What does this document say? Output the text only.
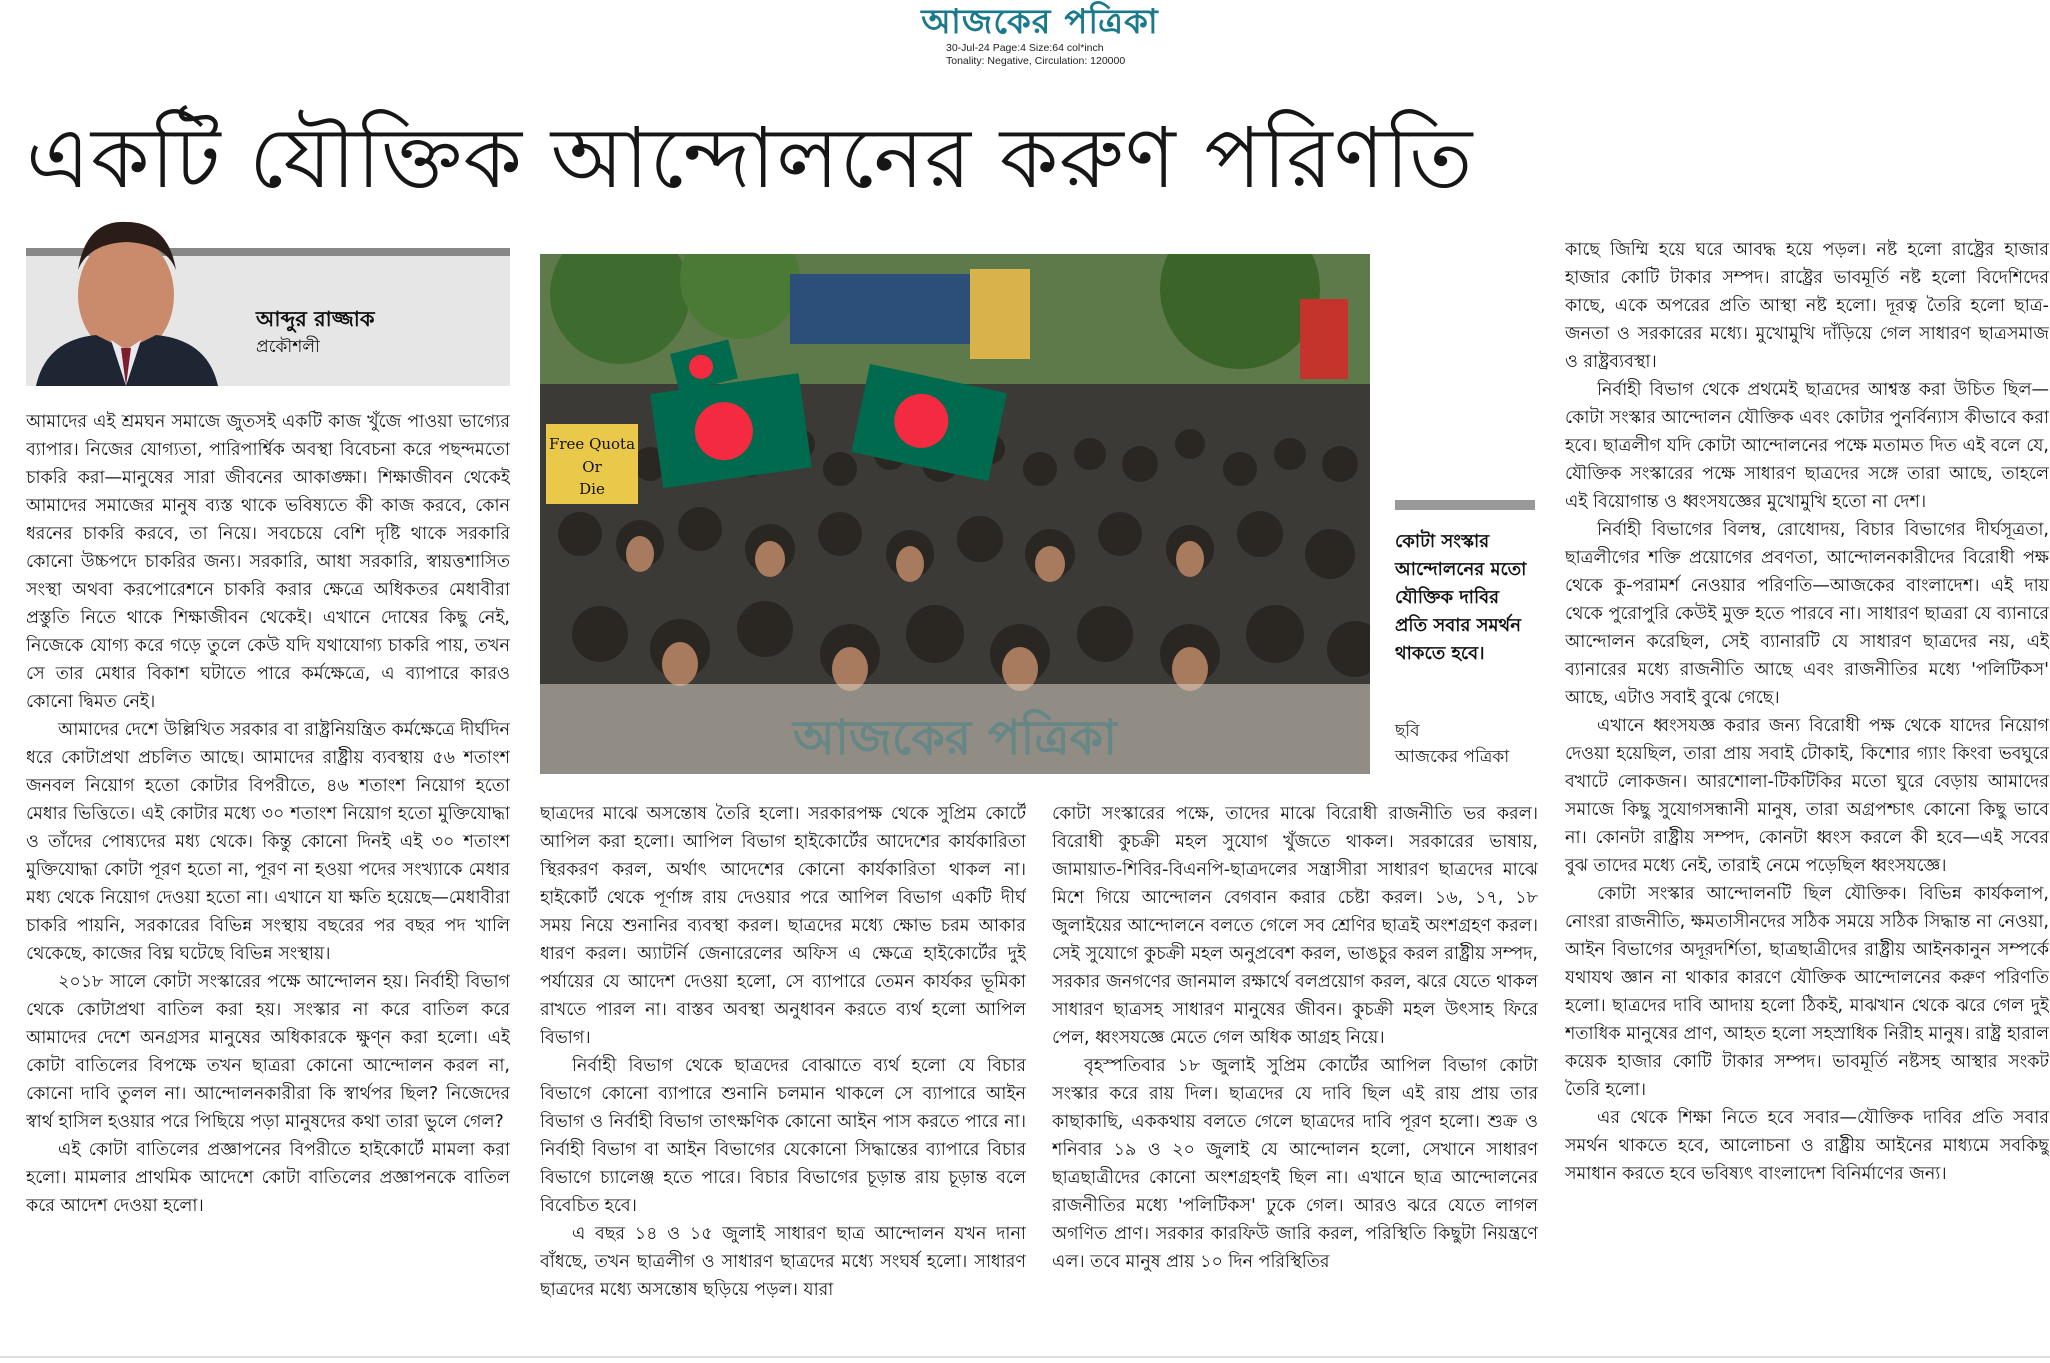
আজকের পত্রিকা
30-Jul-24 Page:4 Size:64 col*inch
Tonality: Negative, Circulation: 120000
একটি যৌক্তিক আন্দোলনের করুণ পরিণতি
আব্দুর রাজ্জাক
প্রকৌশলী
Free Quota
Or
Die
আজকের পত্রিকা
কোটা সংস্কার আন্দোলনের মতো যৌক্তিক দাবির প্রতি সবার সমর্থন থাকতে হবে।
ছবি
আজকের পত্রিকা

আমাদের এই শ্রমঘন সমাজে জুতসই একটি কাজ খুঁজে পাওয়া ভাগ্যের ব্যাপার। নিজের যোগ্যতা, পারিপার্শ্বিক অবস্থা বিবেচনা করে পছন্দমতো চাকরি করা—মানুষের সারা জীবনের আকাঙ্ক্ষা। শিক্ষাজীবন থেকেই আমাদের সমাজের মানুষ ব্যস্ত থাকে ভবিষ্যতে কী কাজ করবে, কোন ধরনের চাকরি করবে, তা নিয়ে। সবচেয়ে বেশি দৃষ্টি থাকে সরকারি কোনো উচ্চপদে চাকরির জন্য। সরকারি, আধা সরকারি, স্বায়ত্তশাসিত সংস্থা অথবা করপোরেশনে চাকরি করার ক্ষেত্রে অধিকতর মেধাবীরা প্রস্তুতি নিতে থাকে শিক্ষাজীবন থেকেই। এখানে দোষের কিছু নেই, নিজেকে যোগ্য করে গড়ে তুলে কেউ যদি যথাযোগ্য চাকরি পায়, তখন সে তার মেধার বিকাশ ঘটাতে পারে কর্মক্ষেত্রে, এ ব্যাপারে কারও কোনো দ্বিমত নেই।

আমাদের দেশে উল্লিখিত সরকার বা রাষ্ট্রনিয়ন্ত্রিত কর্মক্ষেত্রে দীর্ঘদিন ধরে কোটাপ্রথা প্রচলিত আছে। আমাদের রাষ্ট্রীয় ব্যবস্থায় ৫৬ শতাংশ জনবল নিয়োগ হতো কোটার বিপরীতে, ৪৬ শতাংশ নিয়োগ হতো মেধার ভিত্তিতে। এই কোটার মধ্যে ৩০ শতাংশ নিয়োগ হতো মুক্তিযোদ্ধা ও তাঁদের পোষ্যদের মধ্য থেকে। কিন্তু কোনো দিনই এই ৩০ শতাংশ মুক্তিযোদ্ধা কোটা পূরণ হতো না, পূরণ না হওয়া পদের সংখ্যাকে মেধার মধ্য থেকে নিয়োগ দেওয়া হতো না। এখানে যা ক্ষতি হয়েছে—মেধাবীরা চাকরি পায়নি, সরকারের বিভিন্ন সংস্থায় বছরের পর বছর পদ খালি থেকেছে, কাজের বিঘ্ন ঘটেছে বিভিন্ন সংস্থায়।

২০১৮ সালে কোটা সংস্কারের পক্ষে আন্দোলন হয়। নির্বাহী বিভাগ থেকে কোটাপ্রথা বাতিল করা হয়। সংস্কার না করে বাতিল করে আমাদের দেশে অনগ্রসর মানুষের অধিকারকে ক্ষুণ্ন করা হলো। এই কোটা বাতিলের বিপক্ষে তখন ছাত্ররা কোনো আন্দোলন করল না, কোনো দাবি তুলল না। আন্দোলনকারীরা কি স্বার্থপর ছিল? নিজেদের স্বার্থ হাসিল হওয়ার পরে পিছিয়ে পড়া মানুষদের কথা তারা ভুলে গেল?

এই কোটা বাতিলের প্রজ্ঞাপনের বিপরীতে হাইকোর্টে মামলা করা হলো। মামলার প্রাথমিক আদেশে কোটা বাতিলের প্রজ্ঞাপনকে বাতিল করে আদেশ দেওয়া হলো।

ছাত্রদের মাঝে অসন্তোষ তৈরি হলো। সরকারপক্ষ থেকে সুপ্রিম কোর্টে আপিল করা হলো। আপিল বিভাগ হাইকোর্টের আদেশের কার্যকারিতা স্থিরকরণ করল, অর্থাৎ আদেশের কোনো কার্যকারিতা থাকল না। হাইকোর্ট থেকে পূর্ণাঙ্গ রায় দেওয়ার পরে আপিল বিভাগ একটি দীর্ঘ সময় নিয়ে শুনানির ব্যবস্থা করল। ছাত্রদের মধ্যে ক্ষোভ চরম আকার ধারণ করল। অ্যাটর্নি জেনারেলের অফিস এ ক্ষেত্রে হাইকোর্টের দুই পর্যায়ের যে আদেশ দেওয়া হলো, সে ব্যাপারে তেমন কার্যকর ভূমিকা রাখতে পারল না। বাস্তব অবস্থা অনুধাবন করতে ব্যর্থ হলো আপিল বিভাগ।

নির্বাহী বিভাগ থেকে ছাত্রদের বোঝাতে ব্যর্থ হলো যে বিচার বিভাগে কোনো ব্যাপারে শুনানি চলমান থাকলে সে ব্যাপারে আইন বিভাগ ও নির্বাহী বিভাগ তাৎক্ষণিক কোনো আইন পাস করতে পারে না। নির্বাহী বিভাগ বা আইন বিভাগের যেকোনো সিদ্ধান্তের ব্যাপারে বিচার বিভাগে চ্যালেঞ্জ হতে পারে। বিচার বিভাগের চূড়ান্ত রায় চূড়ান্ত বলে বিবেচিত হবে।

এ বছর ১৪ ও ১৫ জুলাই সাধারণ ছাত্র আন্দোলন যখন দানা বাঁধছে, তখন ছাত্রলীগ ও সাধারণ ছাত্রদের মধ্যে সংঘর্ষ হলো। সাধারণ ছাত্রদের মধ্যে অসন্তোষ ছড়িয়ে পড়ল। যারা

কোটা সংস্কারের পক্ষে, তাদের মাঝে বিরোধী রাজনীতি ভর করল। বিরোধী কুচক্রী মহল সুযোগ খুঁজতে থাকল। সরকারের ভাষায়, জামায়াত-শিবির-বিএনপি-ছাত্রদলের সন্ত্রাসীরা সাধারণ ছাত্রদের মাঝে মিশে গিয়ে আন্দোলন বেগবান করার চেষ্টা করল। ১৬, ১৭, ১৮ জুলাইয়ের আন্দোলনে বলতে গেলে সব শ্রেণির ছাত্রই অংশগ্রহণ করল। সেই সুযোগে কুচক্রী মহল অনুপ্রবেশ করল, ভাঙচুর করল রাষ্ট্রীয় সম্পদ, সরকার জনগণের জানমাল রক্ষার্থে বলপ্রয়োগ করল, ঝরে যেতে থাকল সাধারণ ছাত্রসহ সাধারণ মানুষের জীবন। কুচক্রী মহল উৎসাহ ফিরে পেল, ধ্বংসযজ্ঞে মেতে গেল অধিক আগ্রহ নিয়ে।

বৃহস্পতিবার ১৮ জুলাই সুপ্রিম কোর্টের আপিল বিভাগ কোটা সংস্কার করে রায় দিল। ছাত্রদের যে দাবি ছিল এই রায় প্রায় তার কাছাকাছি, এককথায় বলতে গেলে ছাত্রদের দাবি পূরণ হলো। শুক্র ও শনিবার ১৯ ও ২০ জুলাই যে আন্দোলন হলো, সেখানে সাধারণ ছাত্রছাত্রীদের কোনো অংশগ্রহণই ছিল না। এখানে ছাত্র আন্দোলনের রাজনীতির মধ্যে 'পলিটিকস' ঢুকে গেল। আরও ঝরে যেতে লাগল অগণিত প্রাণ। সরকার কারফিউ জারি করল, পরিস্থিতি কিছুটা নিয়ন্ত্রণে এল। তবে মানুষ প্রায় ১০ দিন পরিস্থিতির

কাছে জিম্মি হয়ে ঘরে আবদ্ধ হয়ে পড়ল। নষ্ট হলো রাষ্ট্রের হাজার হাজার কোটি টাকার সম্পদ। রাষ্ট্রের ভাবমূর্তি নষ্ট হলো বিদেশিদের কাছে, একে অপরের প্রতি আস্থা নষ্ট হলো। দূরত্ব তৈরি হলো ছাত্র-জনতা ও সরকারের মধ্যে। মুখোমুখি দাঁড়িয়ে গেল সাধারণ ছাত্রসমাজ ও রাষ্ট্রব্যবস্থা।

নির্বাহী বিভাগ থেকে প্রথমেই ছাত্রদের আশ্বস্ত করা উচিত ছিল—কোটা সংস্কার আন্দোলন যৌক্তিক এবং কোটার পুনর্বিন্যাস কীভাবে করা হবে। ছাত্রলীগ যদি কোটা আন্দোলনের পক্ষে মতামত দিত এই বলে যে, যৌক্তিক সংস্কারের পক্ষে সাধারণ ছাত্রদের সঙ্গে তারা আছে, তাহলে এই বিয়োগান্ত ও ধ্বংসযজ্ঞের মুখোমুখি হতো না দেশ।

নির্বাহী বিভাগের বিলম্ব, রোধোদয়, বিচার বিভাগের দীর্ঘসূত্রতা, ছাত্রলীগের শক্তি প্রয়োগের প্রবণতা, আন্দোলনকারীদের বিরোধী পক্ষ থেকে কু-পরামর্শ নেওয়ার পরিণতি—আজকের বাংলাদেশ। এই দায় থেকে পুরোপুরি কেউই মুক্ত হতে পারবে না। সাধারণ ছাত্ররা যে ব্যানারে আন্দোলন করেছিল, সেই ব্যানারটি যে সাধারণ ছাত্রদের নয়, এই ব্যানারের মধ্যে রাজনীতি আছে এবং রাজনীতির মধ্যে 'পলিটিকস' আছে, এটাও সবাই বুঝে গেছে।

এখানে ধ্বংসযজ্ঞ করার জন্য বিরোধী পক্ষ থেকে যাদের নিয়োগ দেওয়া হয়েছিল, তারা প্রায় সবাই টোকাই, কিশোর গ্যাং কিংবা ভবঘুরে বখাটে লোকজন। আরশোলা-টিকটিকির মতো ঘুরে বেড়ায় আমাদের সমাজে কিছু সুযোগসন্ধানী মানুষ, তারা অগ্রপশ্চাৎ কোনো কিছু ভাবে না। কোনটা রাষ্ট্রীয় সম্পদ, কোনটা ধ্বংস করলে কী হবে—এই সবের বুঝ তাদের মধ্যে নেই, তারাই নেমে পড়েছিল ধ্বংসযজ্ঞে।

কোটা সংস্কার আন্দোলনটি ছিল যৌক্তিক। বিভিন্ন কার্যকলাপ, নোংরা রাজনীতি, ক্ষমতাসীনদের সঠিক সময়ে সঠিক সিদ্ধান্ত না নেওয়া, আইন বিভাগের অদূরদর্শিতা, ছাত্রছাত্রীদের রাষ্ট্রীয় আইনকানুন সম্পর্কে যথাযথ জ্ঞান না থাকার কারণে যৌক্তিক আন্দোলনের করুণ পরিণতি হলো। ছাত্রদের দাবি আদায় হলো ঠিকই, মাঝখান থেকে ঝরে গেল দুই শতাধিক মানুষের প্রাণ, আহত হলো সহস্রাধিক নিরীহ মানুষ। রাষ্ট্র হারাল কয়েক হাজার কোটি টাকার সম্পদ। ভাবমূর্তি নষ্টসহ আস্থার সংকট তৈরি হলো।

এর থেকে শিক্ষা নিতে হবে সবার—যৌক্তিক দাবির প্রতি সবার সমর্থন থাকতে হবে, আলোচনা ও রাষ্ট্রীয় আইনের মাধ্যমে সবকিছু সমাধান করতে হবে ভবিষ্যৎ বাংলাদেশ বিনির্মাণের জন্য।
